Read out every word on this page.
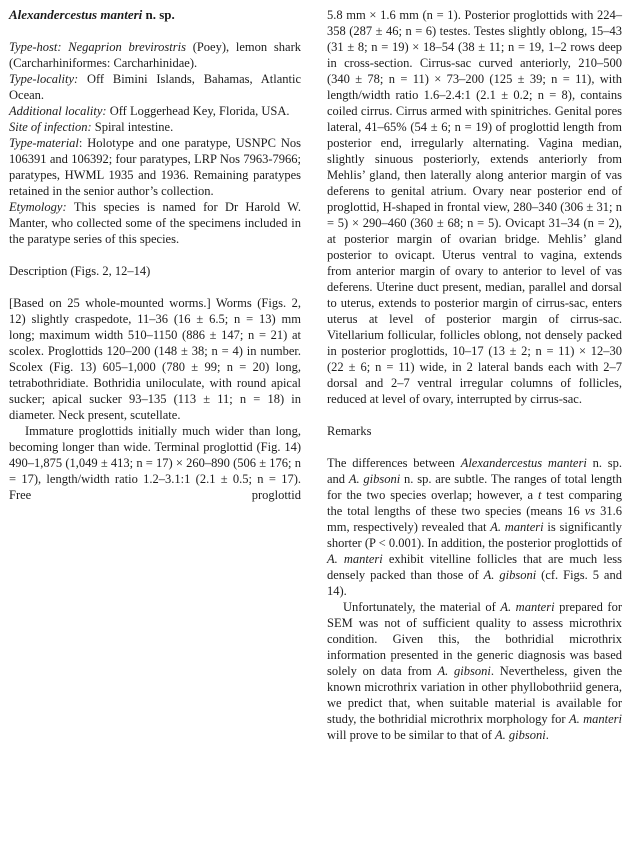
Alexandercestus manteri n. sp.

Type-host: Negaprion brevirostris (Poey), lemon shark (Carcharhiniformes: Carcharhinidae).

Type-locality: Off Bimini Islands, Bahamas, Atlantic Ocean.

Additional locality: Off Loggerhead Key, Florida, USA.

Site of infection: Spiral intestine.

Type-material: Holotype and one paratype, USNPC Nos 106391 and 106392; four paratypes, LRP Nos 7963-7966; paratypes, HWML 1935 and 1936. Remaining paratypes retained in the senior author’s collection.

Etymology: This species is named for Dr Harold W. Manter, who collected some of the specimens included in the paratype series of this species.

Description (Figs. 2, 12–14)

[Based on 25 whole-mounted worms.] Worms (Figs. 2, 12) slightly craspedote, 11–36 (16 ± 6.5; n = 13) mm long; maximum width 510–1150 (886 ± 147; n = 21) at scolex. Proglottids 120–200 (148 ± 38; n = 4) in number. Scolex (Fig. 13) 605–1,000 (780 ± 99; n = 20) long, tetrabothridiate. Bothridia uniloculate, with round apical sucker; apical sucker 93–135 (113 ± 11; n = 18) in diameter. Neck present, scutellate.

Immature proglottids initially much wider than long, becoming longer than wide. Terminal proglottid (Fig. 14) 490–1,875 (1,049 ± 413; n = 17) × 260–890 (506 ± 176; n = 17), length/width ratio 1.2–3.1:1 (2.1 ± 0.5; n = 17). Free proglottid

5.8 mm × 1.6 mm (n = 1). Posterior proglottids with 224–358 (287 ± 46; n = 6) testes. Testes slightly oblong, 15–43 (31 ± 8; n = 19) × 18–54 (38 ± 11; n = 19, 1–2 rows deep in cross-section. Cirrus-sac curved anteriorly, 210–500 (340 ± 78; n = 11) × 73–200 (125 ± 39; n = 11), with length/width ratio 1.6–2.4:1 (2.1 ± 0.2; n = 8), contains coiled cirrus. Cirrus armed with spinitriches. Genital pores lateral, 41–65% (54 ± 6; n = 19) of proglottid length from posterior end, irregularly alternating. Vagina median, slightly sinuous posteriorly, extends anteriorly from Mehlis’ gland, then laterally along anterior margin of vas deferens to genital atrium. Ovary near posterior end of proglottid, H-shaped in frontal view, 280–340 (306 ± 31; n = 5) × 290–460 (360 ± 68; n = 5). Ovicapt 31–34 (n = 2), at posterior margin of ovarian bridge. Mehlis’ gland posterior to ovicapt. Uterus ventral to vagina, extends from anterior margin of ovary to anterior to level of vas deferens. Uterine duct present, median, parallel and dorsal to uterus, extends to posterior margin of cirrus-sac, enters uterus at level of posterior margin of cirrus-sac. Vitellarium follicular, follicles oblong, not densely packed in posterior proglottids, 10–17 (13 ± 2; n = 11) × 12–30 (22 ± 6; n = 11) wide, in 2 lateral bands each with 2–7 dorsal and 2–7 ventral irregular columns of follicles, reduced at level of ovary, interrupted by cirrus-sac.

Remarks

The differences between Alexandercestus manteri n. sp. and A. gibsoni n. sp. are subtle. The ranges of total length for the two species overlap; however, a t test comparing the total lengths of these two species (means 16 vs 31.6 mm, respectively) revealed that A. manteri is significantly shorter (P < 0.001). In addition, the posterior proglottids of A. manteri exhibit vitelline follicles that are much less densely packed than those of A. gibsoni (cf. Figs. 5 and 14).

Unfortunately, the material of A. manteri prepared for SEM was not of sufficient quality to assess microthrix condition. Given this, the bothridial microthrix information presented in the generic diagnosis was based solely on data from A. gibsoni. Nevertheless, given the known microthrix variation in other phyllobothriid genera, we predict that, when suitable material is available for study, the bothridial microthrix morphology for A. manteri will prove to be similar to that of A. gibsoni.
